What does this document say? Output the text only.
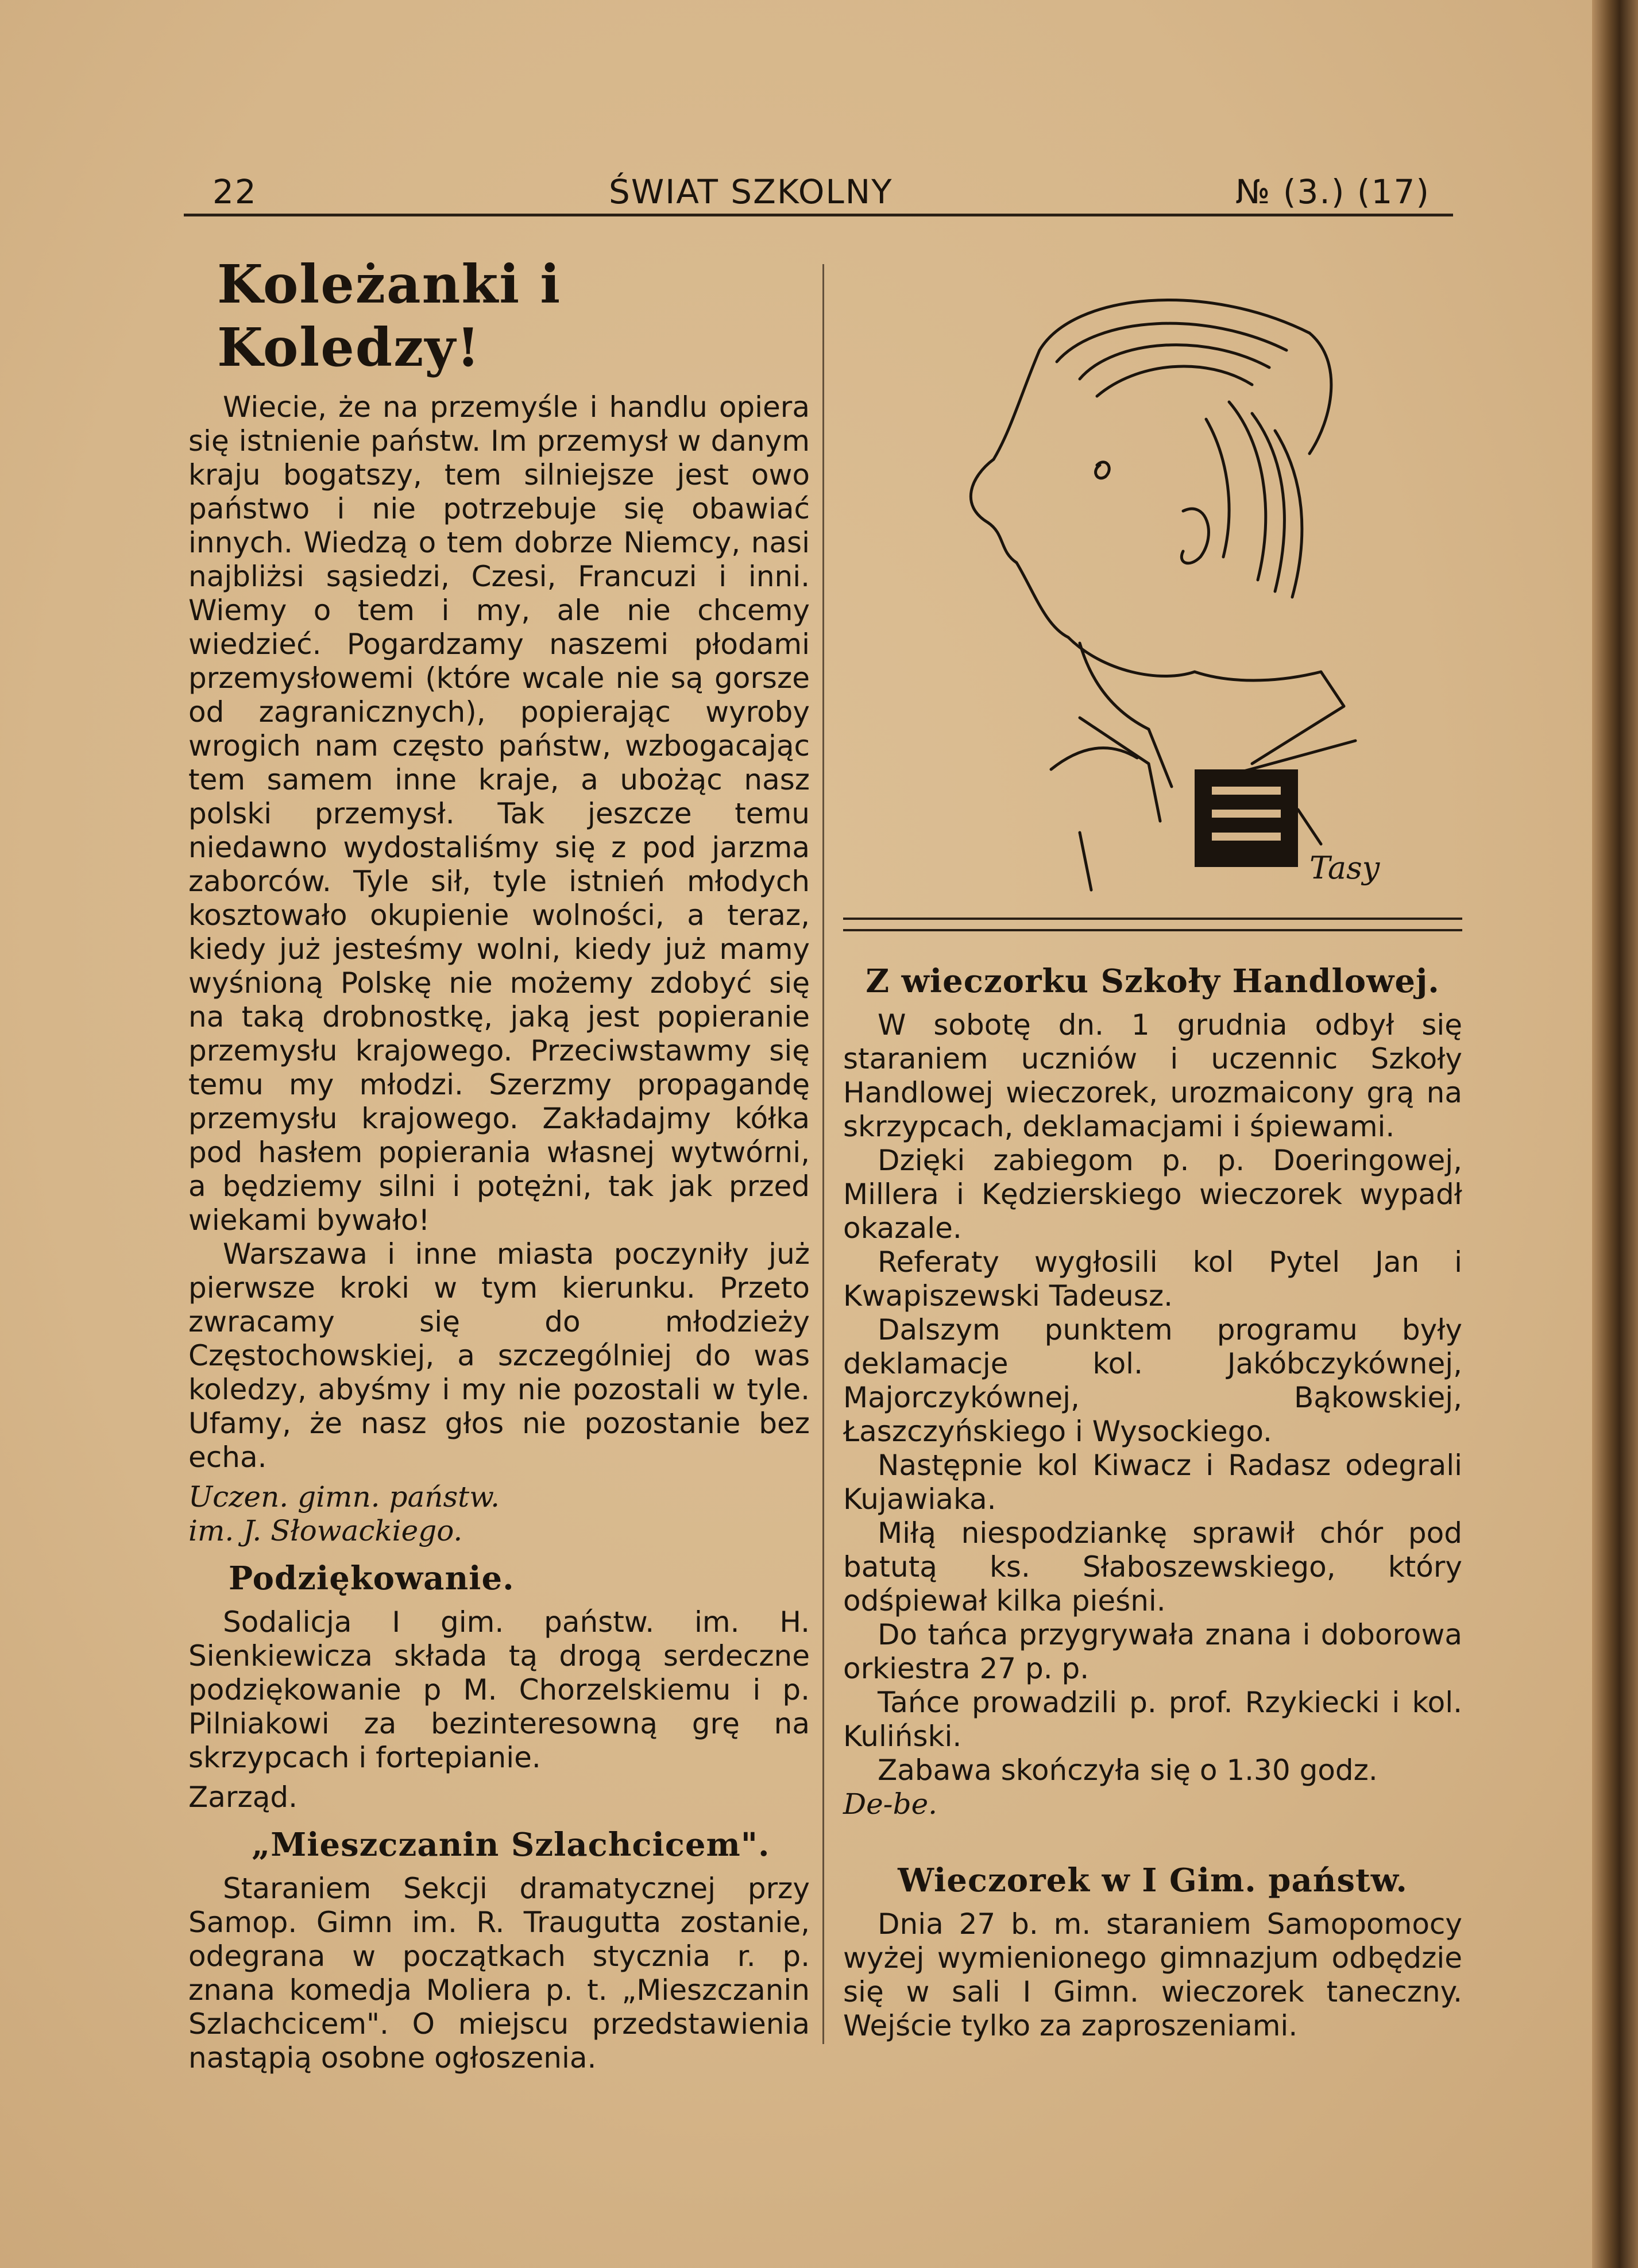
22	ŚWIAT SZKOLNY	№ (3.) (17)
Koleżanki i Koledzy!

Wiecie, że na przemyśle i handlu opiera się istnienie państw. Im przemysł w danym kraju bogatszy, tem silniejsze jest owo państwo i nie potrzebuje się obawiać innych. Wiedzą o tem dobrze Niemcy, nasi najbliżsi sąsiedzi, Czesi, Francuzi i inni. Wiemy o tem i my, ale nie chcemy wiedzieć. Pogardzamy naszemi płodami przemysłowemi (które wcale nie są gorsze od zagranicznych), popierając wyroby wrogich nam często państw, wzbogacając tem samem inne kraje, a ubożąc nasz polski przemysł. Tak jeszcze temu niedawno wydostaliśmy się z pod jarzma zaborców. Tyle sił, tyle istnień młodych kosztowało okupienie wolności, a teraz, kiedy już jesteśmy wolni, kiedy już mamy wyśnioną Polskę nie możemy zdobyć się na taką drobnostkę, jaką jest popieranie przemysłu krajowego. Przeciwstawmy się temu my młodzi. Szerzmy propagandę przemysłu krajowego. Zakładajmy kółka pod hasłem popierania własnej wytwórni, a będziemy silni i potężni, tak jak przed wiekami bywało!

Warszawa i inne miasta poczyniły już pierwsze kroki w tym kierunku. Przeto zwracamy się do młodzieży Częstochowskiej, a szczególniej do was koledzy, abyśmy i my nie pozostali w tyle. Ufamy, że nasz głos nie pozostanie bez echa.

Uczen. gimn. państw.

im. J. Słowackiego.

Podziękowanie.

Sodalicja I gim. państw. im. H. Sienkiewicza składa tą drogą serdeczne podziękowanie p M. Chorzelskiemu i p. Pilniakowi za bezinteresowną grę na skrzypcach i fortepianie.

Zarząd.

„Mieszczanin Szlachcicem".

Staraniem Sekcji dramatycznej przy Samop. Gimn im. R. Traugutta zostanie, odegrana w początkach stycznia r. p. znana komedja Moliera p. t. „Mieszczanin Szlachcicem". O miejscu przedstawienia nastąpią osobne ogłoszenia.

Tasy
Z wieczorku Szkoły Handlowej.

W sobotę dn. 1 grudnia odbył się staraniem uczniów i uczennic Szkoły Handlowej wieczorek, urozmaicony grą na skrzypcach, deklamacjami i śpiewami.

Dzięki zabiegom p. p. Doeringowej, Millera i Kędzierskiego wieczorek wypadł okazale.

Referaty wygłosili kol Pytel Jan i Kwapiszewski Tadeusz.

Dalszym punktem programu były deklamacje kol. Jakóbczykównej, Majorczykównej, Bąkowskiej, Łaszczyńskiego i Wysockiego.

Następnie kol Kiwacz i Radasz odegrali Kujawiaka.

Miłą niespodziankę sprawił chór pod batutą ks. Słaboszewskiego, który odśpiewał kilka pieśni.

Do tańca przygrywała znana i doborowa orkiestra 27 p. p.

Tańce prowadzili p. prof. Rzykiecki i kol. Kuliński.

Zabawa skończyła się o 1.30 godz.

De-be.

Wieczorek w I Gim. państw.

Dnia 27 b. m. staraniem Samopomocy wyżej wymienionego gimnazjum odbędzie się w sali I Gimn. wieczorek taneczny. Wejście tylko za zaproszeniami.
